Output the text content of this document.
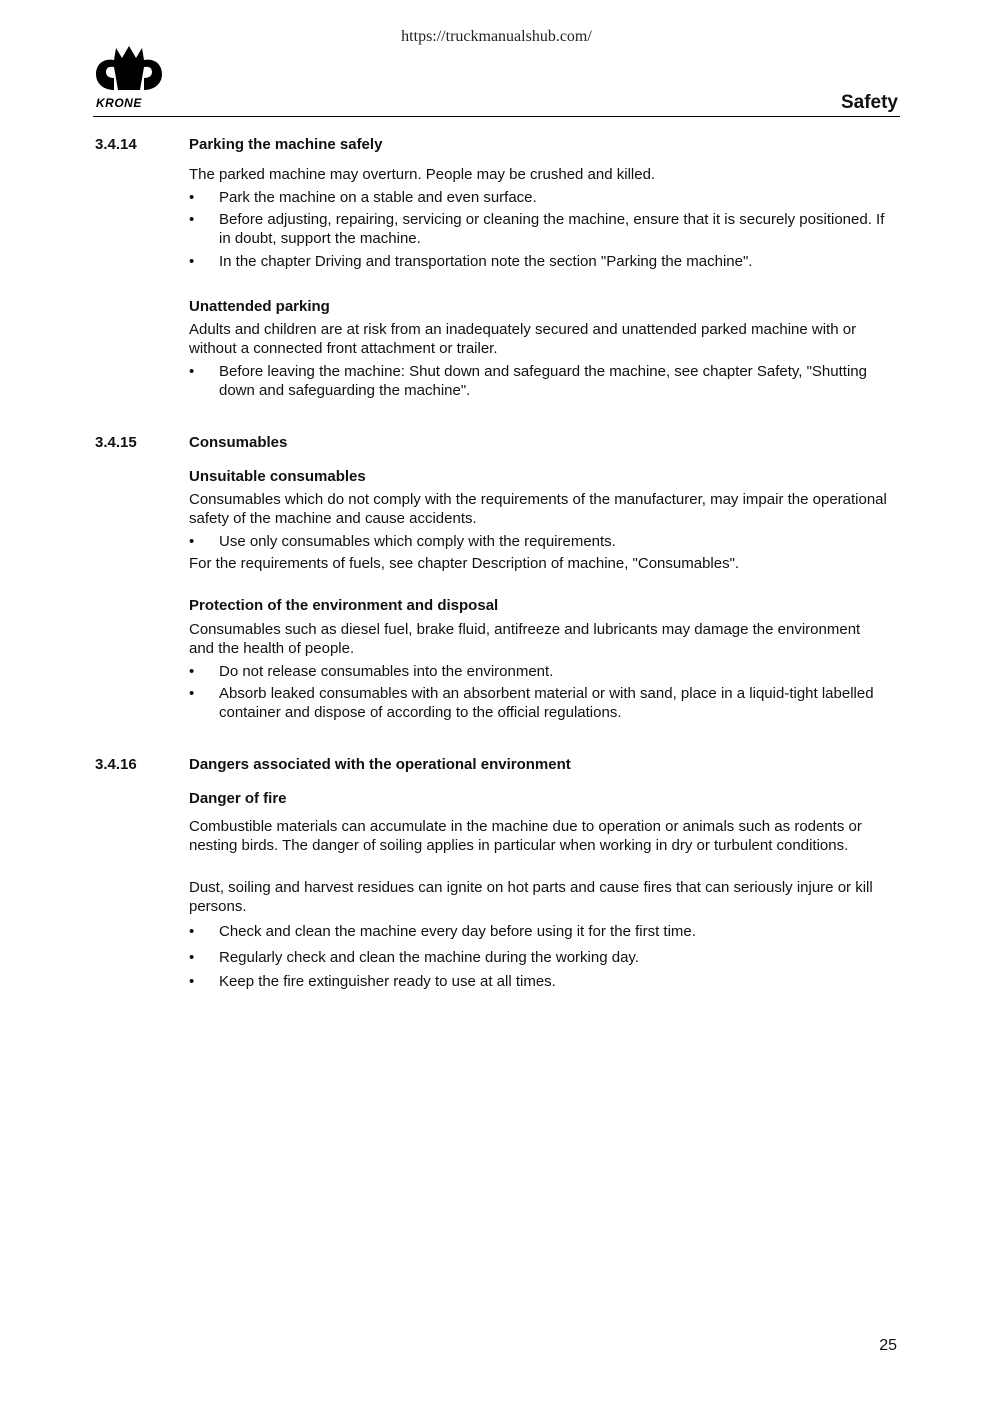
https://truckmanualshub.com/
KRONE	Safety
3.4.14	Parking the machine safely
The parked machine may overturn. People may be crushed and killed.
•	Park the machine on a stable and even surface.
•	Before adjusting, repairing, servicing or cleaning the machine, ensure that it is securely positioned. If in doubt, support the machine.
•	In the chapter Driving and transportation note the section "Parking the machine".
Unattended parking
Adults and children are at risk from an inadequately secured and unattended parked machine with or without a connected front attachment or trailer.
•	Before leaving the machine: Shut down and safeguard the machine, see chapter Safety, "Shutting down and safeguarding the machine".
3.4.15	Consumables
Unsuitable consumables
Consumables which do not comply with the requirements of the manufacturer, may impair the operational safety of the machine and cause accidents.
•	Use only consumables which comply with the requirements.
For the requirements of fuels, see chapter Description of machine, "Consumables".
Protection of the environment and disposal
Consumables such as diesel fuel, brake fluid, antifreeze and lubricants may damage the environment and the health of people.
•	Do not release consumables into the environment.
•	Absorb leaked consumables with an absorbent material or with sand, place in a liquid-tight labelled container and dispose of according to the official regulations.
3.4.16	Dangers associated with the operational environment
Danger of fire
Combustible materials can accumulate in the machine due to operation or animals such as rodents or nesting birds. The danger of soiling applies in particular when working in dry or turbulent conditions.
Dust, soiling and harvest residues can ignite on hot parts and cause fires that can seriously injure or kill persons.
•	Check and clean the machine every day before using it for the first time.
•	Regularly check and clean the machine during the working day.
•	Keep the fire extinguisher ready to use at all times.
25
